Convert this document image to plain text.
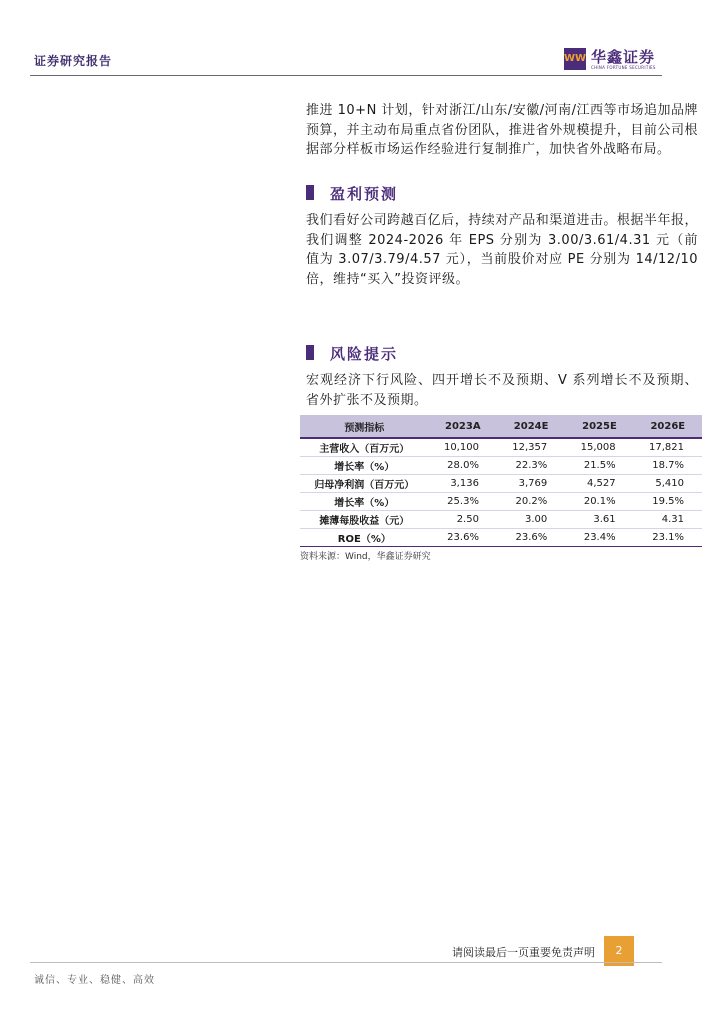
证券研究报告	WW 华鑫证券
CHINA FORTUNE SECURITIES

推进 10+N 计划，针对浙江/山东/安徽/河南/江西等市场追加品牌预算，并主动布局重点省份团队，推进省外规模提升，目前公司根据部分样板市场运作经验进行复制推广，加快省外战略布局。

盈利预测

我们看好公司跨越百亿后，持续对产品和渠道进击。根据半年报，我们调整 2024-2026 年 EPS 分别为 3.00/3.61/4.31 元（前值为 3.07/3.79/4.57 元），当前股价对应 PE 分别为 14/12/10 倍，维持“买入”投资评级。

风险提示

宏观经济下行风险、四开增长不及预期、V 系列增长不及预期、省外扩张不及预期。

预测指标	2023A	2024E	2025E	2026E
主营收入（百万元）	10,100	12,357	15,008	17,821
增长率（%）	28.0%	22.3%	21.5%	18.7%
归母净利润（百万元）	3,136	3,769	4,527	5,410
增长率（%）	25.3%	20.2%	20.1%	19.5%
摊薄每股收益（元）	2.50	3.00	3.61	4.31
ROE（%）	23.6%	23.6%	23.4%	23.1%
资料来源：Wind，华鑫证券研究
请阅读最后一页重要免责声明	2
诚信、专业、稳健、高效
